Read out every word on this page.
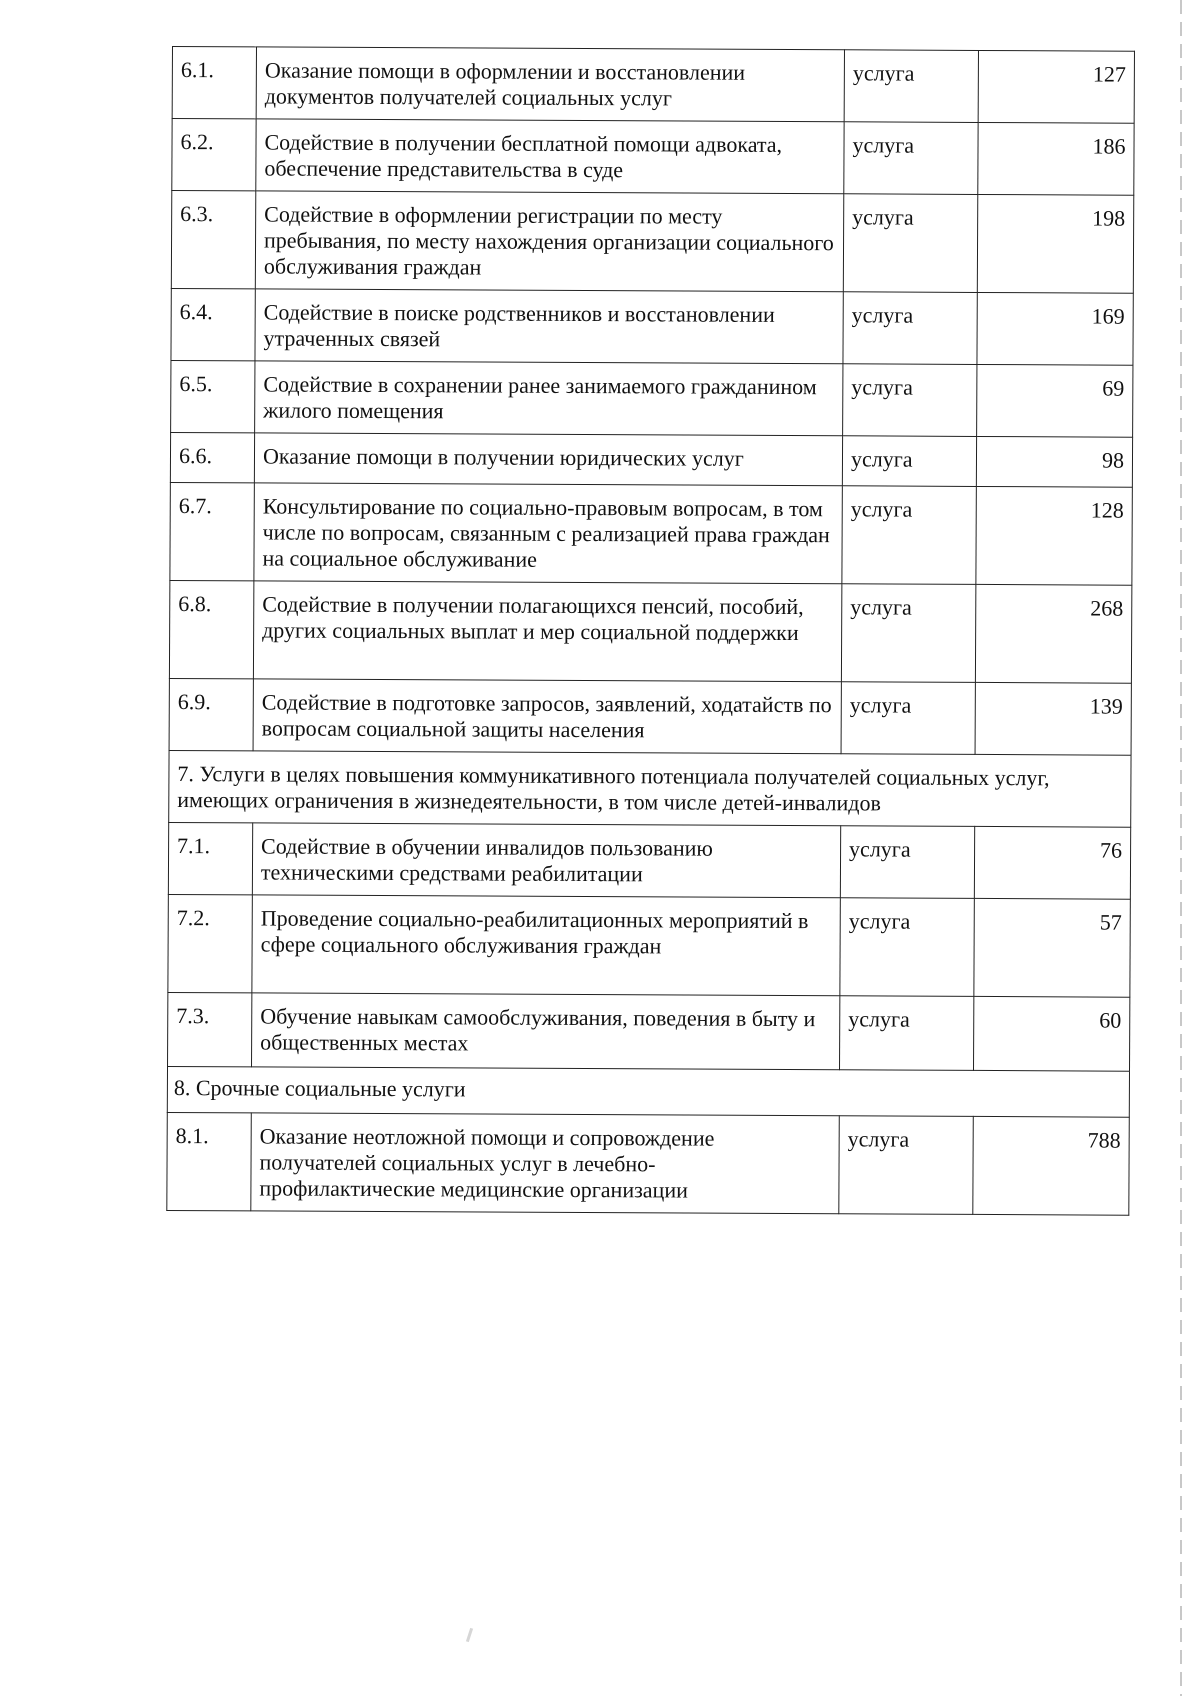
6.1.	Оказание помощи в оформлении и восстановлении документов получателей социальных услуг	услуга	127
6.2.	Содействие в получении бесплатной помощи адвоката, обеспечение представительства в суде	услуга	186
6.3.	Содействие в оформлении регистрации по месту пребывания, по месту нахождения организации социального обслуживания граждан	услуга	198
6.4.	Содействие в поиске родственников и восстановлении утраченных связей	услуга	169
6.5.	Содействие в сохранении ранее занимаемого гражданином жилого помещения	услуга	69
6.6.	Оказание помощи в получении юридических услуг	услуга	98
6.7.	Консультирование по социально-правовым вопросам, в том числе по вопросам, связанным с реализацией права граждан на социальное обслуживание	услуга	128
6.8.	Содействие в получении полагающихся пенсий, пособий, других социальных выплат и мер социальной поддержки	услуга	268
6.9.	Содействие в подготовке запросов, заявлений, ходатайств по вопросам социальной защиты населения	услуга	139
7. Услуги в целях повышения коммуникативного потенциала получателей социальных услуг, имеющих ограничения в жизнедеятельности, в том числе детей-инвалидов			
7.1.	Содействие в обучении инвалидов пользованию техническими средствами реабилитации	услуга	76
7.2.	Проведение социально-реабилитационных мероприятий в сфере социального обслуживания граждан	услуга	57
7.3.	Обучение навыкам самообслуживания, поведения в быту и общественных местах	услуга	60
8. Срочные социальные услуги			
8.1.	Оказание неотложной помощи и сопровождение получателей социальных услуг в лечебно-профилактические медицинские организации	услуга	788
